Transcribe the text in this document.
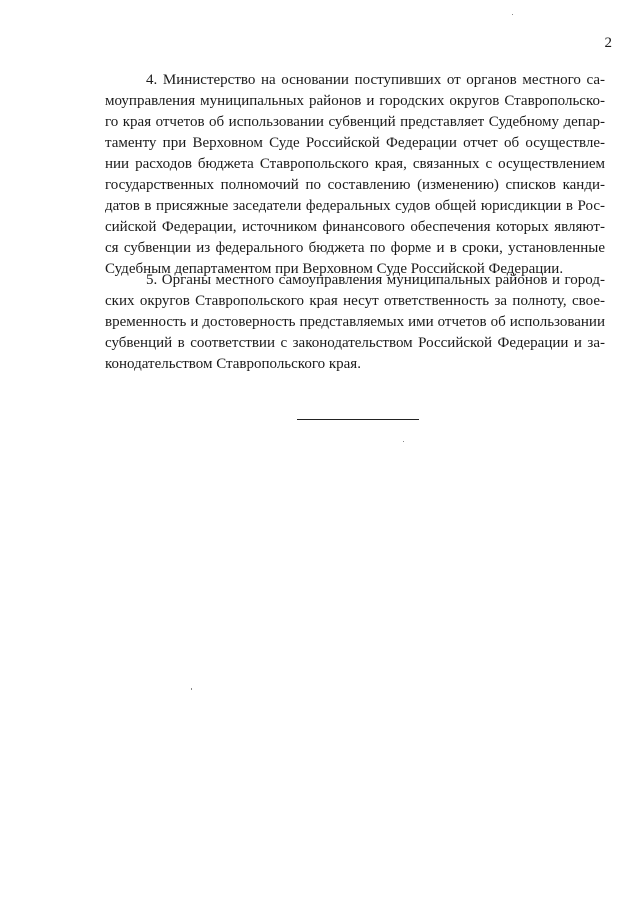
2
4. Министерство на основании поступивших от органов местного са-
моуправления муниципальных районов и городских округов Ставропольско-
го края отчетов об использовании субвенций представляет Судебному депар-
таменту при Верховном Суде Российской Федерации отчет об осуществле-
нии расходов бюджета Ставропольского края, связанных с осуществлением
государственных полномочий по составлению (изменению) списков канди-
датов в присяжные заседатели федеральных судов общей юрисдикции в Рос-
сийской Федерации, источником финансового обеспечения которых являют-
ся субвенции из федерального бюджета по форме и в сроки, установленные
Судебным департаментом при Верховном Суде Российской Федерации.
5. Органы местного самоуправления муниципальных районов и город-
ских округов Ставропольского края несут ответственность за полноту, свое-
временность и достоверность представляемых ими отчетов об использовании
субвенций в соответствии с законодательством Российской Федерации и за-
конодательством Ставропольского края.
